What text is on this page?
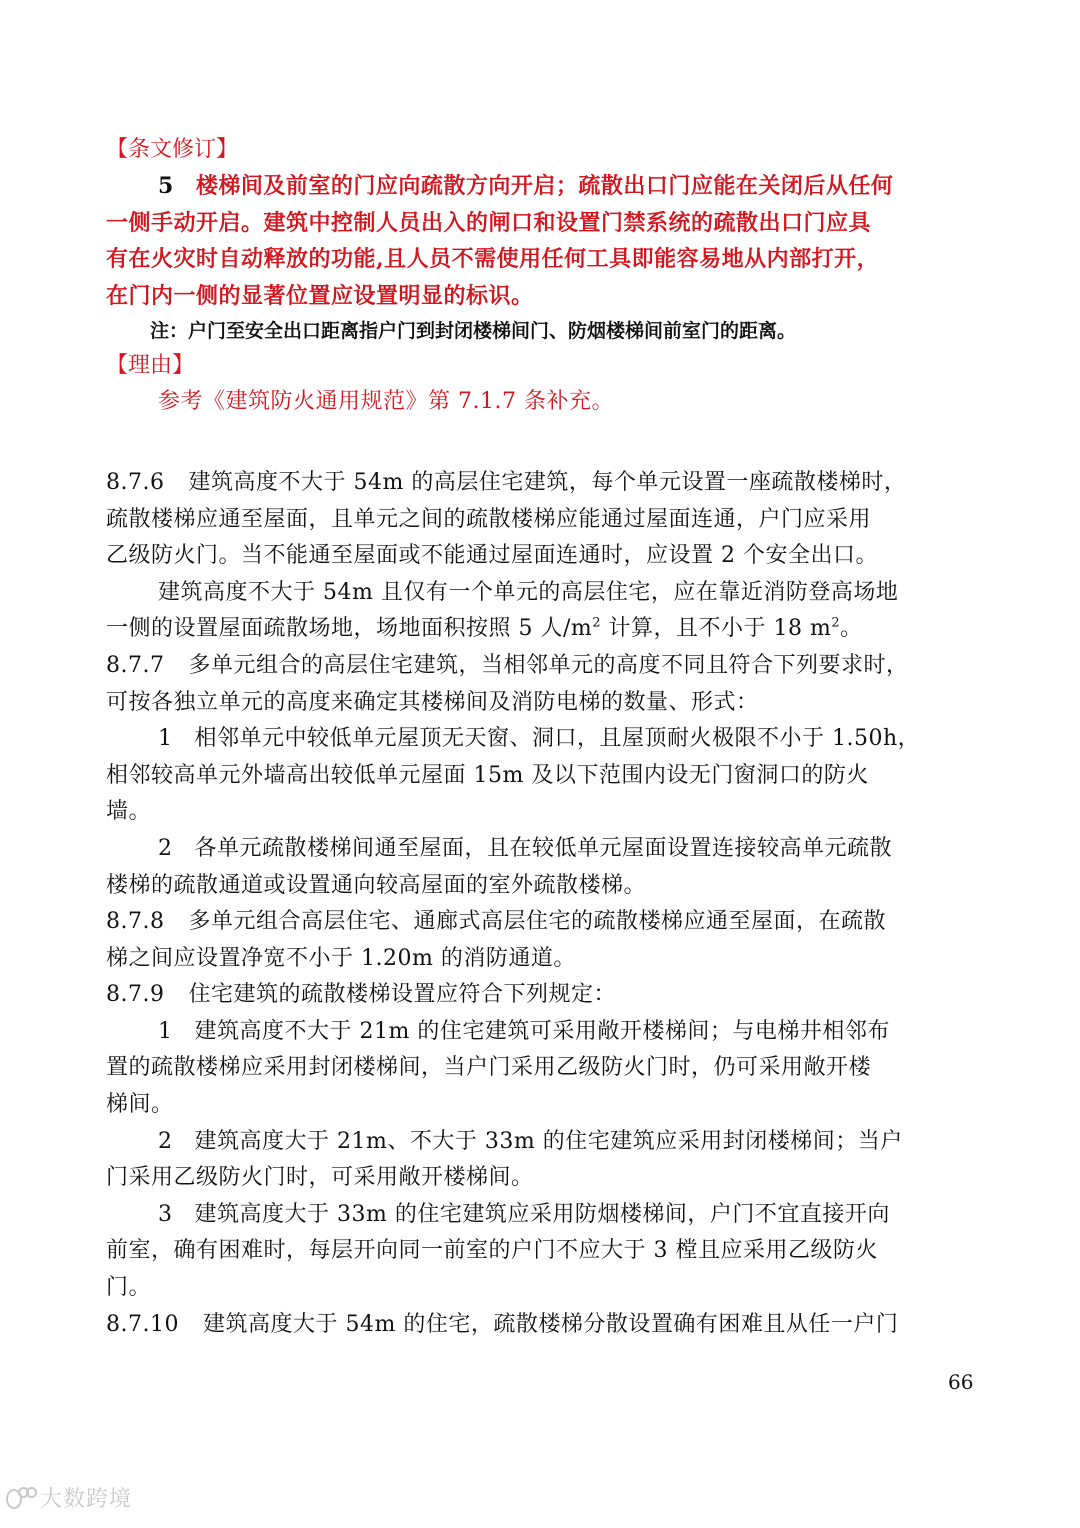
【条文修订】
5 楼梯间及前室的门应向疏散方向开启；疏散出口门应能在关闭后从任何
一侧手动开启。建筑中控制人员出入的闸口和设置门禁系统的疏散出口门应具
有在火灾时自动释放的功能,且人员不需使用任何工具即能容易地从内部打开，
在门内一侧的显著位置应设置明显的标识。
注：户门至安全出口距离指户门到封闭楼梯间门、防烟楼梯间前室门的距离。
【理由】
参考《建筑防火通用规范》第 7.1.7 条补充。
8.7.6 建筑高度不大于 54m 的高层住宅建筑，每个单元设置一座疏散楼梯时，
疏散楼梯应通至屋面，且单元之间的疏散楼梯应能通过屋面连通，户门应采用
乙级防火门。当不能通至屋面或不能通过屋面连通时，应设置 2 个安全出口。
建筑高度不大于 54m 且仅有一个单元的高层住宅，应在靠近消防登高场地
一侧的设置屋面疏散场地，场地面积按照 5 人$/m^2$ 计算，且不小于 18 $m^2$。
8.7.7 多单元组合的高层住宅建筑，当相邻单元的高度不同且符合下列要求时，
可按各独立单元的高度来确定其楼梯间及消防电梯的数量、形式：
1 相邻单元中较低单元屋顶无天窗、洞口，且屋顶耐火极限不小于 1.50h，
相邻较高单元外墙高出较低单元屋面 15m 及以下范围内设无门窗洞口的防火
墙。
2 各单元疏散楼梯间通至屋面，且在较低单元屋面设置连接较高单元疏散
楼梯的疏散通道或设置通向较高屋面的室外疏散楼梯。
8.7.8 多单元组合高层住宅、通廊式高层住宅的疏散楼梯应通至屋面，在疏散
梯之间应设置净宽不小于 1.20m 的消防通道。
8.7.9 住宅建筑的疏散楼梯设置应符合下列规定：
1 建筑高度不大于 21m 的住宅建筑可采用敞开楼梯间；与电梯井相邻布
置的疏散楼梯应采用封闭楼梯间，当户门采用乙级防火门时，仍可采用敞开楼
梯间。
2 建筑高度大于 21m、不大于 33m 的住宅建筑应采用封闭楼梯间；当户
门采用乙级防火门时，可采用敞开楼梯间。
3 建筑高度大于 33m 的住宅建筑应采用防烟楼梯间，户门不宜直接开向
前室，确有困难时，每层开向同一前室的户门不应大于 3 樘且应采用乙级防火
门。
8.7.10 建筑高度大于 54m 的住宅，疏散楼梯分散设置确有困难且从任一户门
66
大数跨境
